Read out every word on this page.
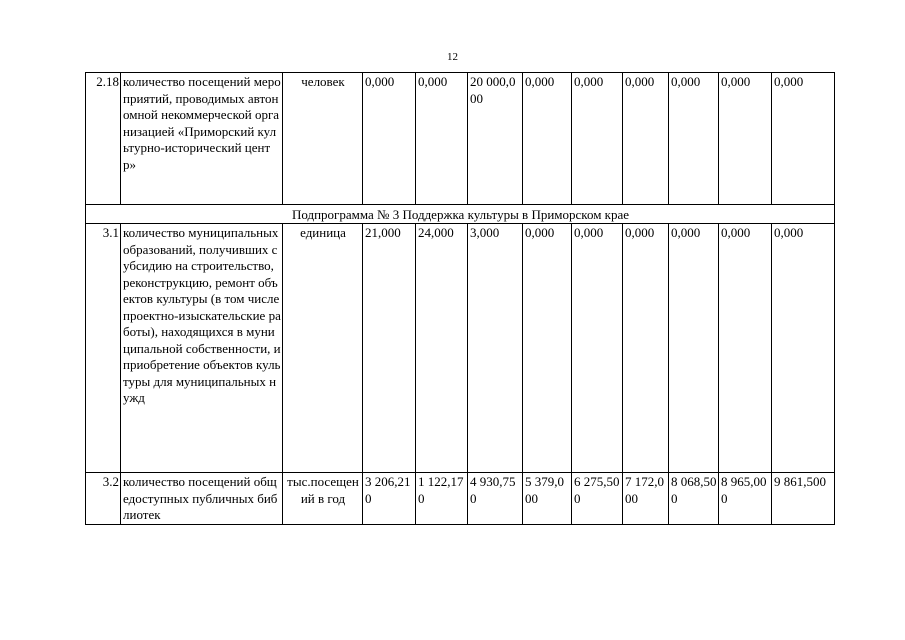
12
2.18	количество посещений мероприятий, проводимых автономной некоммерческой организацией «Приморский культурно-исторический центр»	человек	0,000	0,000	20 000,000	0,000	0,000	0,000	0,000	0,000	0,000
Подпрограмма № 3 Поддержка культуры в Приморском крае											
3.1	количество муниципальных образований, получивших субсидию на строительство, реконструкцию, ремонт объектов культуры (в том числе проектно-изыскательские работы), находящихся в муниципальной собственности, и приобретение объектов культуры для муниципальных нужд	единица	21,000	24,000	3,000	0,000	0,000	0,000	0,000	0,000	0,000
3.2	количество посещений общедоступных публичных библиотек	тыс.посещений в год	3 206,210	1 122,170	4 930,750	5 379,000	6 275,500	7 172,000	8 068,500	8 965,000	9 861,500
